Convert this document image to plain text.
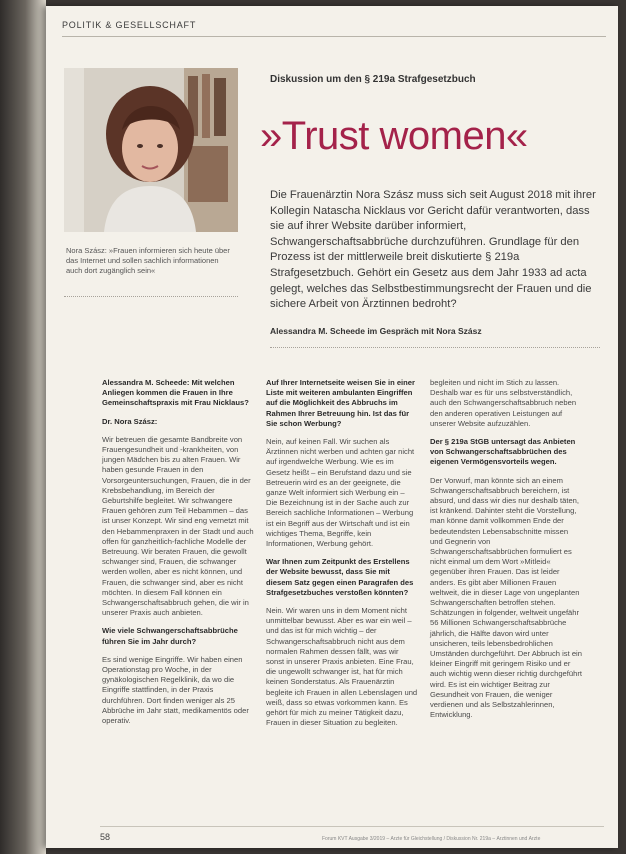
POLITIK & GESELLSCHAFT
Nora Szász: »Frauen informieren sich heute über das Internet und sollen sachlich informationen auch dort zugänglich sein«
Diskussion um den § 219a Strafgesetzbuch
»Trust women«
Die Frauenärztin Nora Szász muss sich seit August 2018 mit ihrer Kollegin Natascha Nicklaus vor Gericht dafür verantworten, dass sie auf ihrer Website darüber informiert, Schwangerschaftsabbrüche durchzuführen. Grundlage für den Prozess ist der mittlerweile breit diskutierte § 219a Strafgesetzbuch. Gehört ein Gesetz aus dem Jahr 1933 ad acta gelegt, welches das Selbstbestimmungsrecht der Frauen und die sichere Arbeit von Ärztinnen bedroht?
Alessandra M. Scheede im Gespräch mit Nora Szász

Alessandra M. Scheede: Mit welchen Anliegen kommen die Frauen in Ihre Gemeinschaftspraxis mit Frau Nicklaus?

Dr. Nora Szász:

Wir betreuen die gesamte Bandbreite von Frauengesundheit und -krankheiten, von jungen Mädchen bis zu alten Frauen. Wir haben gesunde Frauen in den Vorsorgeuntersuchungen, Frauen, die in der Krebsbehandlung, im Bereich der Geburtshilfe begleitet. Wir schwangere Frauen gehören zum Teil Hebammen – das ist unser Konzept. Wir sind eng vernetzt mit den Hebammenpraxen in der Stadt und auch offen für ganzheitlich-fachliche Modelle der Betreuung. Wir beraten Frauen, die gewollt schwanger sind, Frauen, die schwanger werden wollen, aber es nicht können, und Frauen, die schwanger sind, aber es nicht möchten. In diesem Fall können ein Schwangerschaftsabbruch gehen, die wir in unserer Praxis auch anbieten.

Wie viele Schwangerschaftsabbrüche führen Sie im Jahr durch?

Es sind wenige Eingriffe. Wir haben einen Operationstag pro Woche, in der gynäkologischen Regelklinik, da wo die Eingriffe stattfinden, in der Praxis durchführen. Dort finden weniger als 25 Abbrüche im Jahr statt, medikamentös oder operativ.

Auf Ihrer Internetseite weisen Sie in einer Liste mit weiteren ambulanten Eingriffen auf die Möglichkeit des Abbruchs im Rahmen Ihrer Betreuung hin. Ist das für Sie schon Werbung?

Nein, auf keinen Fall. Wir suchen als Ärztinnen nicht werben und achten gar nicht auf irgendwelche Werbung. Wie es im Gesetz heißt – ein Berufstand dazu und sie Betreuerin wird es an der geeignete, die ganze Welt informiert sich Werbung ein – Die Bezeichnung ist in der Sache auch zur Bereich sachliche Informationen – Werbung ist ein Begriff aus der Wirtschaft und ist ein wichtiges Thema, Begriffe, kein Informationen, Werbung gehört.

War Ihnen zum Zeitpunkt des Erstellens der Website bewusst, dass Sie mit diesem Satz gegen einen Paragrafen des Strafgesetzbuches verstoßen könnten?

Nein. Wir waren uns in dem Moment nicht unmittelbar bewusst. Aber es war ein weil – und das ist für mich wichtig – der Schwangerschaftsabbruch nicht aus dem normalen Rahmen dessen fällt, was wir sonst in unserer Praxis anbieten. Eine Frau, die ungewollt schwanger ist, hat für mich keinen Sonderstatus. Als Frauenärztin begleite ich Frauen in allen Lebenslagen und weiß, dass so etwas vorkommen kann. Es gehört für mich zu meiner Tätigkeit dazu, Frauen in dieser Situation zu begleiten.

begleiten und nicht im Stich zu lassen. Deshalb war es für uns selbstverständlich, auch den Schwangerschaftsabbruch neben den anderen operativen Leistungen auf unserer Website aufzuzählen.

Der § 219a StGB untersagt das Anbieten von Schwangerschaftsabbrüchen des eigenen Vermögensvorteils wegen.

Der Vorwurf, man könnte sich an einem Schwangerschaftsabbruch bereichern, ist absurd, und dass wir dies nur deshalb täten, ist kränkend. Dahinter steht die Vorstellung, man könne damit vollkommen Ende der bedeutendsten Lebensabschnitte missen und Gegnerin von Schwangerschaftsabbrüchen formuliert es nicht einmal um dem Wort »Mitleid« gegenüber ihren Frauen. Das ist leider anders. Es gibt aber Millionen Frauen weltweit, die in dieser Lage von ungeplanten Schwangerschaften betroffen stehen. Schätzungen in folgender, weltweit ungefähr 56 Millionen Schwangerschaftsabbrüche jährlich, die Hälfte davon wird unter unsicheren, teils lebensbedrohlichen Umständen durchgeführt. Der Abbruch ist ein kleiner Eingriff mit geringem Risiko und er auch wichtig wenn dieser richtig durchgeführt wird. Es ist ein wichtiger Beitrag zur Gesundheit von Frauen, die weniger verdienen und als Selbstzahlerinnen, Entwicklung.

58	Forum KVT Ausgabe 3/2019 – Ärzte für Gleichstellung / Diskussion Nr. 219a – Ärztinnen und Ärzte
